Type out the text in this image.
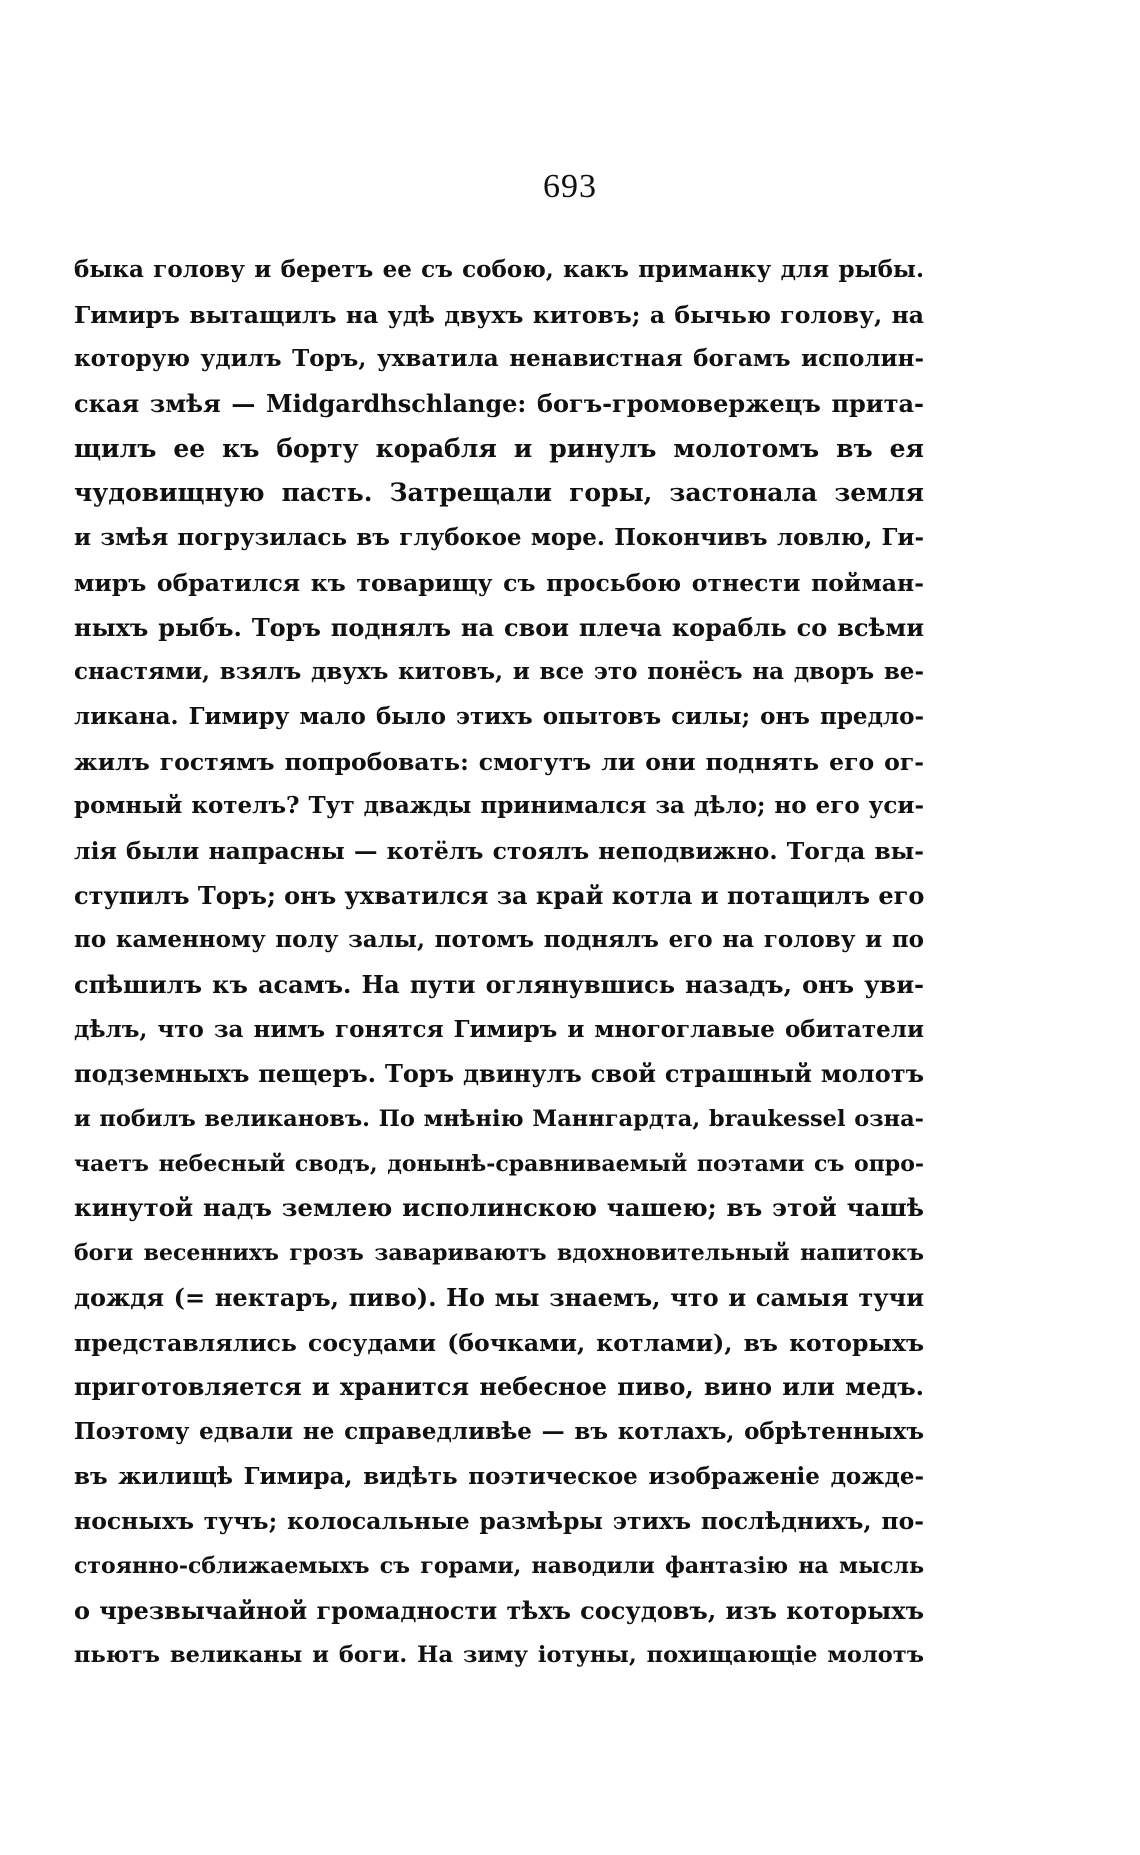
693
быка голову и беретъ ее съ собою, какъ приманку для рыбы.
Гимиръ вытащилъ на удѣ двухъ китовъ; а бычью голову, на
которую удилъ Торъ, ухватила ненавистная богамъ исполин-
ская змѣя — Midgardhschlange: богъ-громовержецъ прита-
щилъ ее къ борту корабля и ринулъ молотомъ въ ея
чудовищную пасть. Затрещали горы, застонала земля
и змѣя погрузилась въ глубокое море. Покончивъ ловлю, Ги-
миръ обратился къ товарищу съ просьбою отнести пойман-
ныхъ рыбъ. Торъ поднялъ на свои плеча корабль со всѣми
снастями, взялъ двухъ китовъ, и все это понёсъ на дворъ ве-
ликана. Гимиру мало было этихъ опытовъ силы; онъ предло-
жилъ гостямъ попробовать: смогутъ ли они поднять его ог-
ромный котелъ? Тут дважды принимался за дѣло; но его уси-
лія были напрасны — котёлъ стоялъ неподвижно. Тогда вы-
ступилъ Торъ; онъ ухватился за край котла и потащилъ его
по каменному полу залы, потомъ поднялъ его на голову и по
спѣшилъ къ асамъ. На пути оглянувшись назадъ, онъ уви-
дѣлъ, что за нимъ гонятся Гимиръ и многоглавые обитатели
подземныхъ пещеръ. Торъ двинулъ свой страшный молотъ
и побилъ великановъ. По мнѣнію Маннгардта, braukessel озна-
чаетъ небесный сводъ, донынѣ-сравниваемый поэтами съ опро-
кинутой надъ землею исполинскою чашею; въ этой чашѣ
боги весеннихъ грозъ завариваютъ вдохновительный напитокъ
дождя (= нектаръ, пиво). Но мы знаемъ, что и самыя тучи
представлялись сосудами (бочками, котлами), въ которыхъ
приготовляется и хранится небесное пиво, вино или медъ.
Поэтому едвали не справедливѣе — въ котлахъ, обрѣтенныхъ
въ жилищѣ Гимира, видѣть поэтическое изображеніе дожде-
носныхъ тучъ; колосальные размѣры этихъ послѣднихъ, по-
стоянно-сближаемыхъ съ горами, наводили фантазію на мысль
о чрезвычайной громадности тѣхъ сосудовъ, изъ которыхъ
пьютъ великаны и боги. На зиму іотуны, похищающіе молотъ
